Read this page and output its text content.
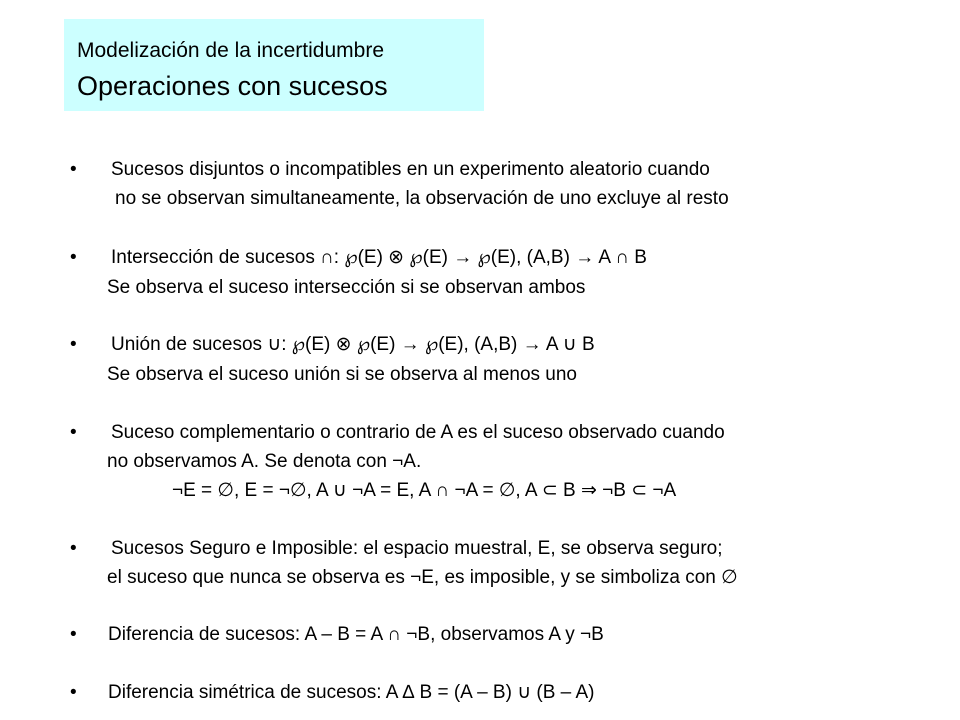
Modelización de la incertidumbre
Operaciones con sucesos
• Sucesos disjuntos o incompatibles en un experimento aleatorio cuando
no se observan simultaneamente, la observación de uno excluye al resto
• Intersección de sucesos ∩: ℘(E) ⊗ ℘(E) → ℘(E), (A,B) → A ∩ B
Se observa el suceso intersección si se observan ambos
• Unión de sucesos ∪: ℘(E) ⊗ ℘(E) → ℘(E), (A,B) → A ∪ B
Se observa el suceso unión si se observa al menos uno
• Suceso complementario o contrario de A es el suceso observado cuando
no observamos A. Se denota con ¬A.
¬E = ∅, E = ¬∅, A ∪ ¬A = E, A ∩ ¬A = ∅, A ⊂ B ⇒ ¬B ⊂ ¬A
• Sucesos Seguro e Imposible: el espacio muestral, E, se observa seguro;
el suceso que nunca se observa es ¬E, es imposible, y se simboliza con ∅
• Diferencia de sucesos: A – B = A ∩ ¬B, observamos A y ¬B
• Diferencia simétrica de sucesos: A ∆ B = (A – B) ∪ (B – A)
